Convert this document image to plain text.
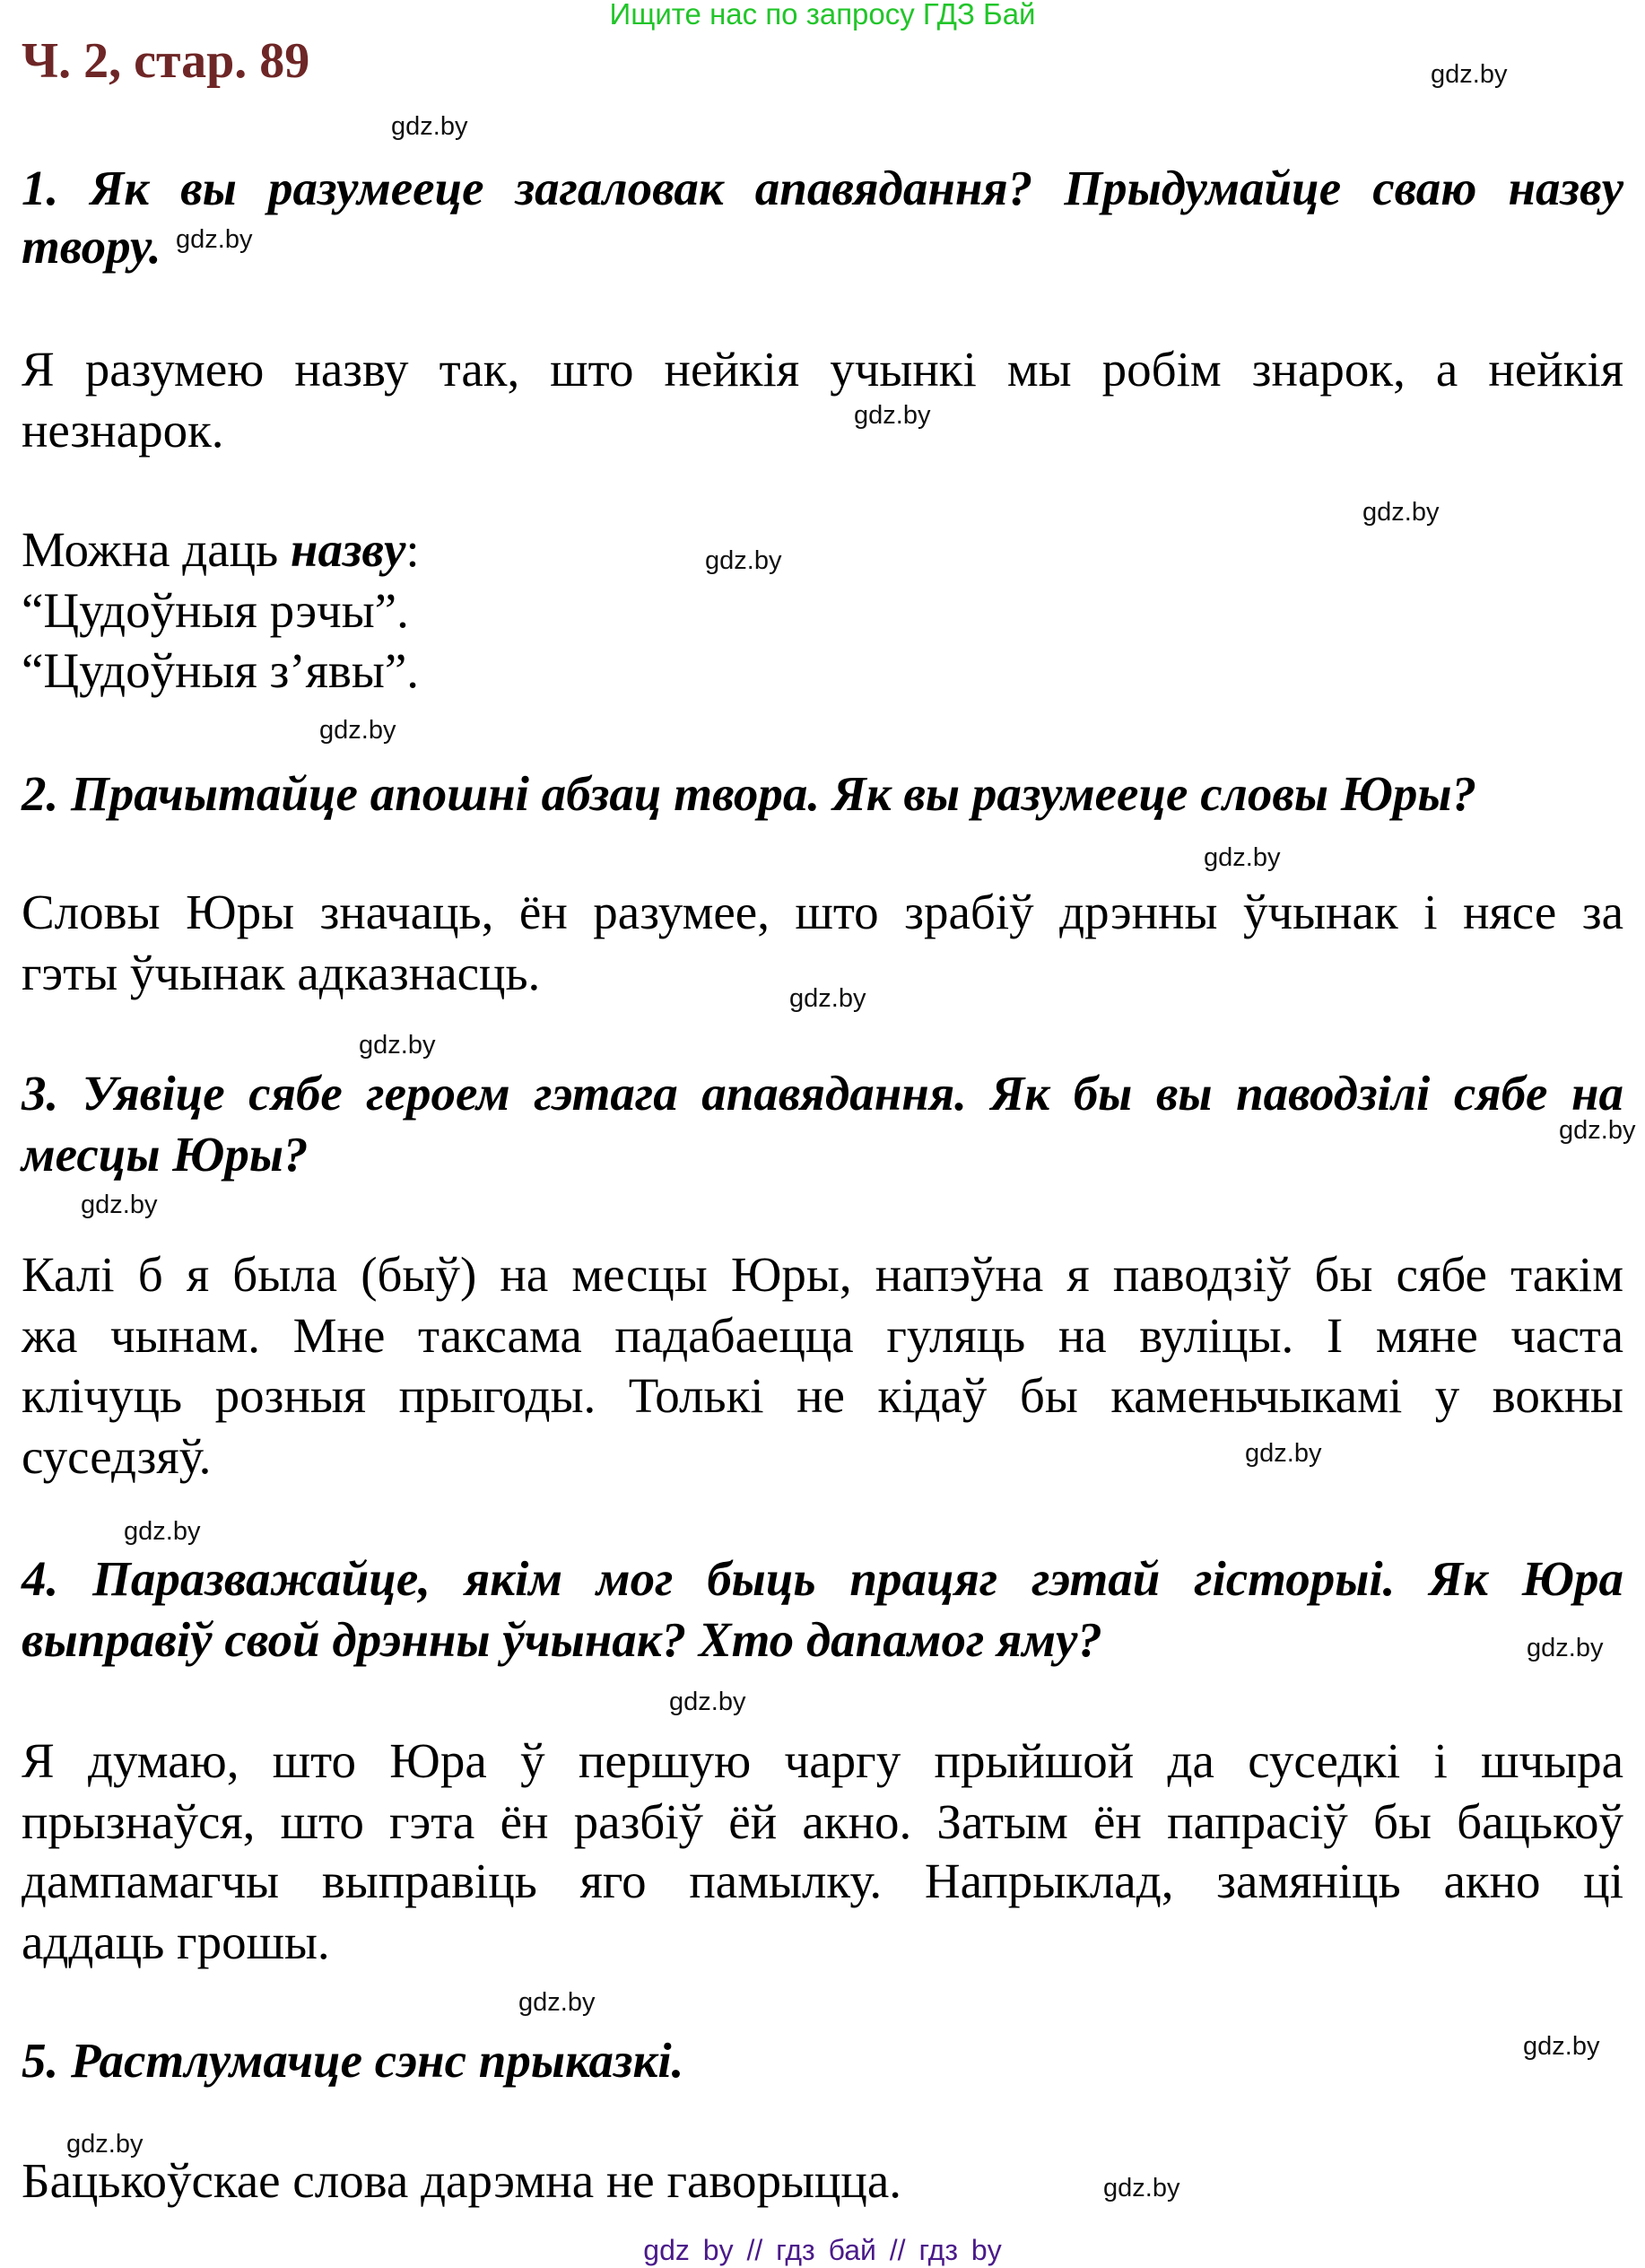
Ищите нас по запросу ГДЗ Бай
Ч. 2, стар. 89
1. Як вы разумееце загаловак апавядання? Прыдумайце сваю назву
твору.
Я разумею назву так, што нейкія учынкі мы робім знарок, а нейкія
незнарок.
Можна даць назву:
“Цудоўныя рэчы”.
“Цудоўныя з’явы”.
2. Прачытайце апошні абзац твора. Як вы разумееце словы Юры?
Словы Юры значаць, ён разумее, што зрабіў дрэнны ўчынак і нясе за
гэты ўчынак адказнасць.
3. Уявіце сябе героем гэтага апавядання. Як бы вы паводзілі сябе на
месцы Юры?
Калі б я была (быў) на месцы Юры, напэўна я паводзіў бы сябе такім
жа чынам. Мне таксама падабаецца гуляць на вуліцы. І мяне часта
клічуць розныя прыгоды. Толькі не кідаў бы каменьчыкамі у вокны
суседзяў.
4. Паразважайце, якім мог быць працяг гэтай гісторыі. Як Юра
выправіў свой дрэнны ўчынак? Хто дапамог яму?
Я думаю, што Юра ў першую чаргу прыйшой да суседкі і шчыра
прызнаўся, што гэта ён разбіў ёй акно. Затым ён папрасіў бы бацькоў
дампамагчы выправіць яго памылку. Напрыклад, замяніць акно ці
аддаць грошы.
5. Растлумачце сэнс прыказкі.
Бацькоўскае слова дарэмна не гаворыцца.
gdz.by
gdz.by
gdz.by
gdz.by
gdz.by
gdz.by
gdz.by
gdz.by
gdz.by
gdz.by
gdz.by
gdz.by
gdz.by
gdz.by
gdz.by
gdz.by
gdz.by
gdz.by
gdz.by
gdz.by
gdz by // гдз бай // гдз by
